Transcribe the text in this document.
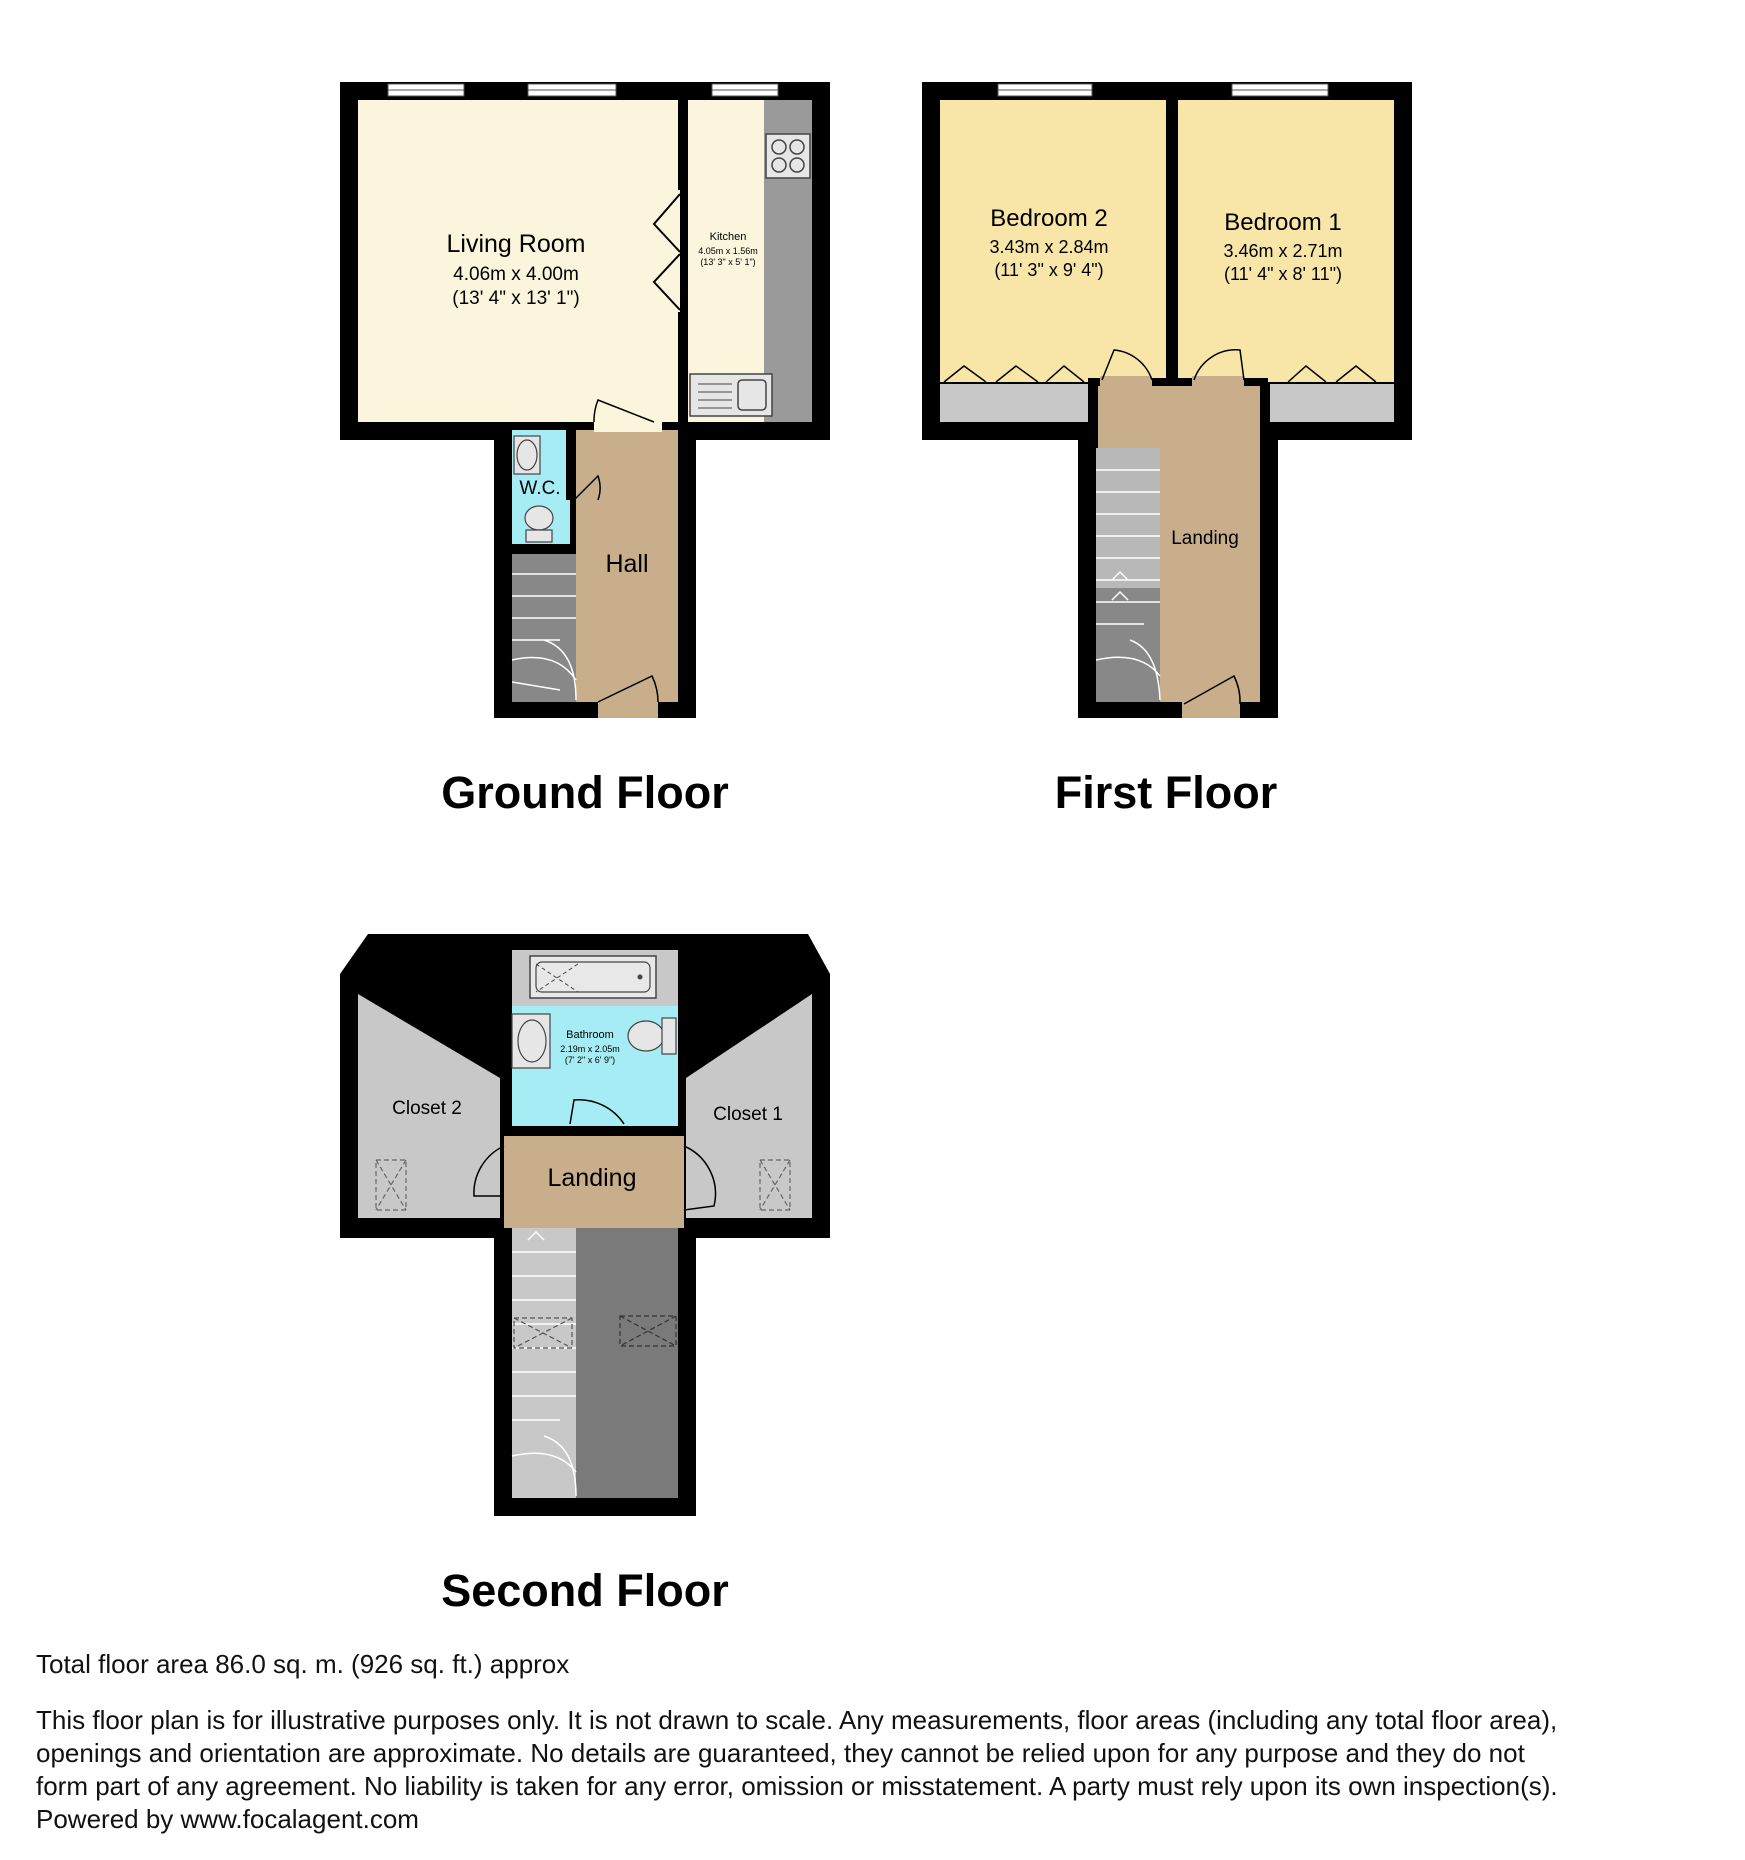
Living Room
4.06m x 4.00m
(13' 4" x 13' 1")
Kitchen
4.05m x 1.56m
(13' 3" x 5' 1")
W.C.
Hall
Ground Floor
Bedroom 2
3.43m x 2.84m
(11' 3" x 9' 4")
Bedroom 1
3.46m x 2.71m
(11' 4" x 8' 11")
Landing
First Floor
Bathroom
2.19m x 2.05m
(7' 2" x 6' 9")
Closet 2	Closet 1
Landing
Second Floor
Total floor area 86.0 sq. m. (926 sq. ft.) approx
This floor plan is for illustrative purposes only. It is not drawn to scale. Any measurements, floor areas (including any total floor area),
openings and orientation are approximate. No details are guaranteed, they cannot be relied upon for any purpose and they do not
form part of any agreement. No liability is taken for any error, omission or misstatement. A party must rely upon its own inspection(s).
Powered by www.focalagent.com
